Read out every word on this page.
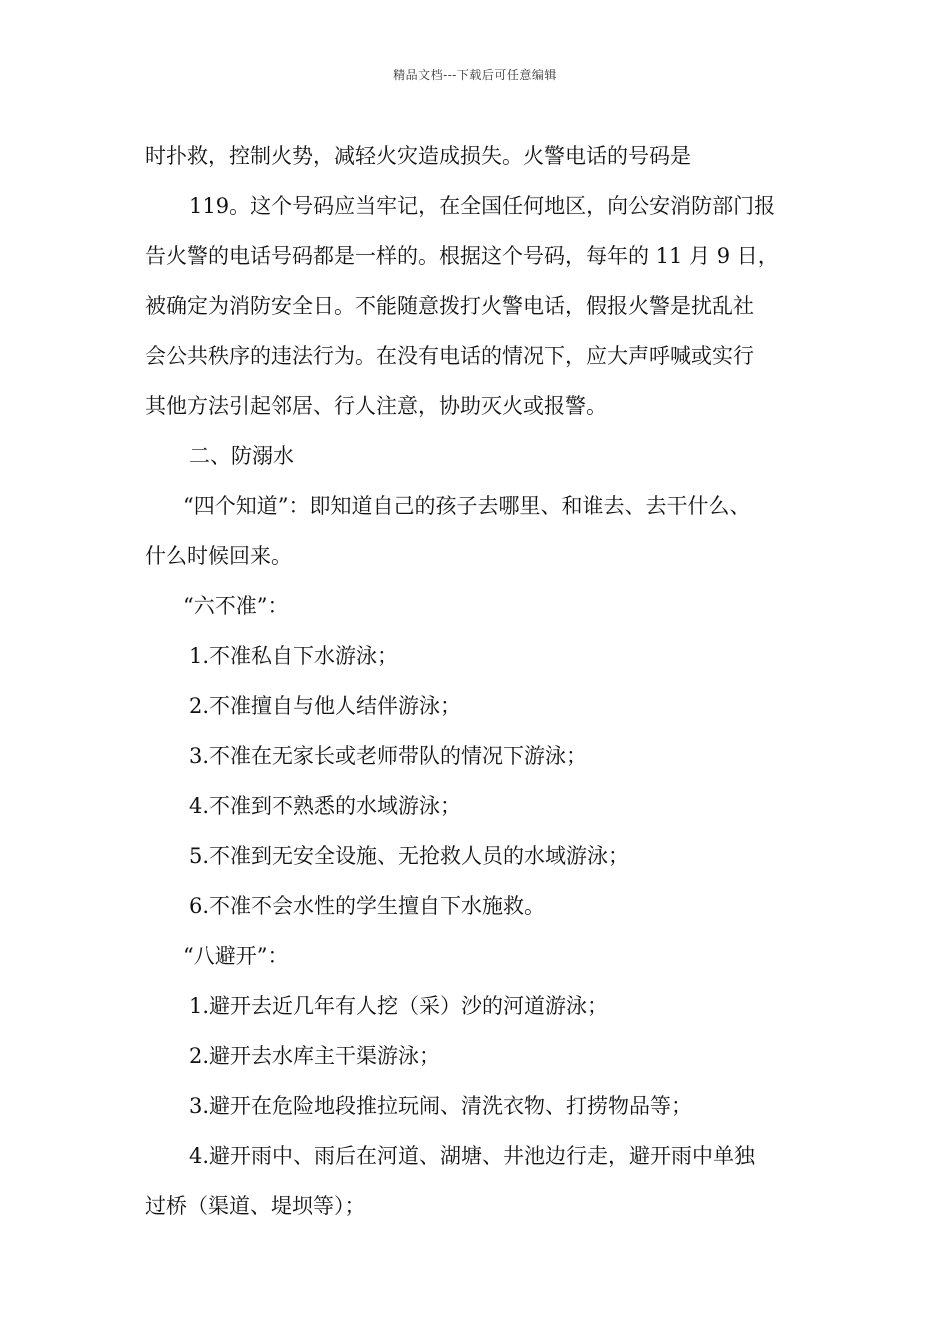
精品文档---下载后可任意编辑
时扑救，控制火势，减轻火灾造成损失。火警电话的号码是
119。这个号码应当牢记，在全国任何地区，向公安消防部门报
告火警的电话号码都是一样的。根据这个号码，每年的 11 月 9 日，
被确定为消防安全日。不能随意拨打火警电话，假报火警是扰乱社
会公共秩序的违法行为。在没有电话的情况下，应大声呼喊或实行
其他方法引起邻居、行人注意，协助灭火或报警。
二、防溺水
“四个知道”：即知道自己的孩子去哪里、和谁去、去干什么、
什么时候回来。
“六不准”：
1.不准私自下水游泳；
2.不准擅自与他人结伴游泳；
3.不准在无家长或老师带队的情况下游泳；
4.不准到不熟悉的水域游泳；
5.不准到无安全设施、无抢救人员的水域游泳；
6.不准不会水性的学生擅自下水施救。
“八避开”：
1.避开去近几年有人挖（采）沙的河道游泳；
2.避开去水库主干渠游泳；
3.避开在危险地段推拉玩闹、清洗衣物、打捞物品等；
4.避开雨中、雨后在河道、湖塘、井池边行走，避开雨中单独
过桥（渠道、堤坝等）；
